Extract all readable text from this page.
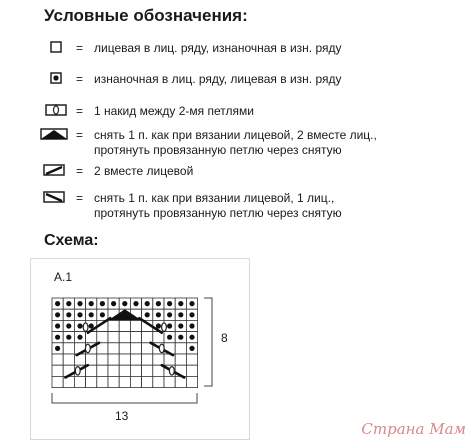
Условные обозначения:
= лицевая в лиц. ряду, изнаночная в изн. ряду
= изнаночная в лиц. ряду, лицевая в изн. ряду
= 1 накид между 2-мя петлями
= снять 1 п. как при вязании лицевой, 2 вместе лиц.,
протянуть провязанную петлю через снятую
= 2 вместе лицевой
= снять 1 п. как при вязании лицевой, 1 лиц.,
протянуть провязанную петлю через снятую
Схема:
A.1
8
13
Страна Мам
